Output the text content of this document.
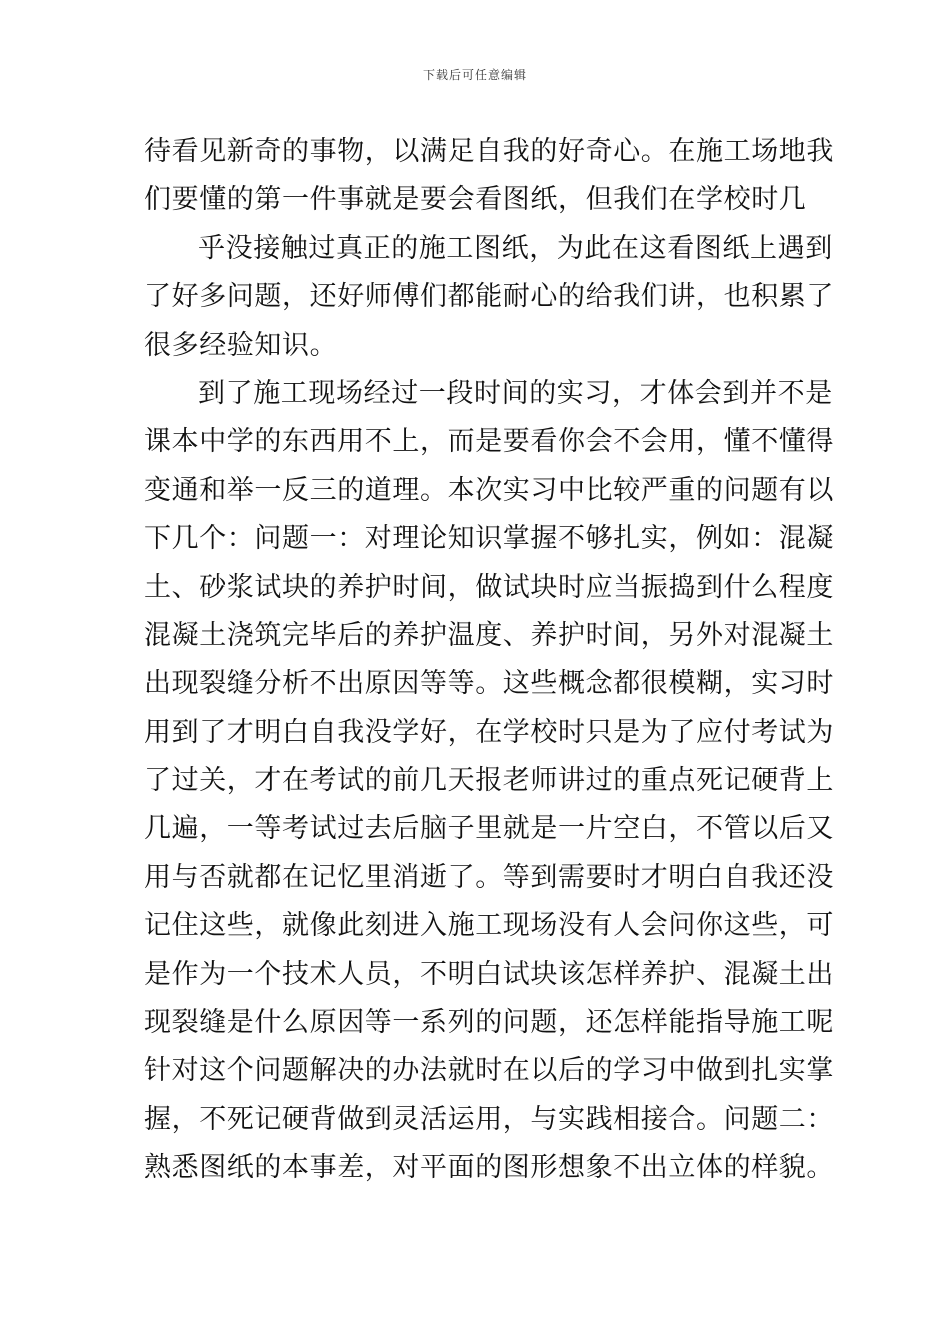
下载后可任意编辑
待看见新奇的事物，以满足自我的好奇心。在施工场地我
们要懂的第一件事就是要会看图纸，但我们在学校时几
乎没接触过真正的施工图纸，为此在这看图纸上遇到
了好多问题，还好师傅们都能耐心的给我们讲，也积累了
很多经验知识。
到了施工现场经过一段时间的实习，才体会到并不是
课本中学的东西用不上，而是要看你会不会用，懂不懂得
变通和举一反三的道理。本次实习中比较严重的问题有以
下几个：问题一：对理论知识掌握不够扎实，例如：混凝
土、砂浆试块的养护时间，做试块时应当振捣到什么程度
混凝土浇筑完毕后的养护温度、养护时间，另外对混凝土
出现裂缝分析不出原因等等。这些概念都很模糊，实习时
用到了才明白自我没学好，在学校时只是为了应付考试为
了过关，才在考试的前几天报老师讲过的重点死记硬背上
几遍，一等考试过去后脑子里就是一片空白，不管以后又
用与否就都在记忆里消逝了。等到需要时才明白自我还没
记住这些，就像此刻进入施工现场没有人会问你这些，可
是作为一个技术人员，不明白试块该怎样养护、混凝土出
现裂缝是什么原因等一系列的问题，还怎样能指导施工呢
针对这个问题解决的办法就时在以后的学习中做到扎实掌
握，不死记硬背做到灵活运用，与实践相接合。问题二：
熟悉图纸的本事差，对平面的图形想象不出立体的样貌。
